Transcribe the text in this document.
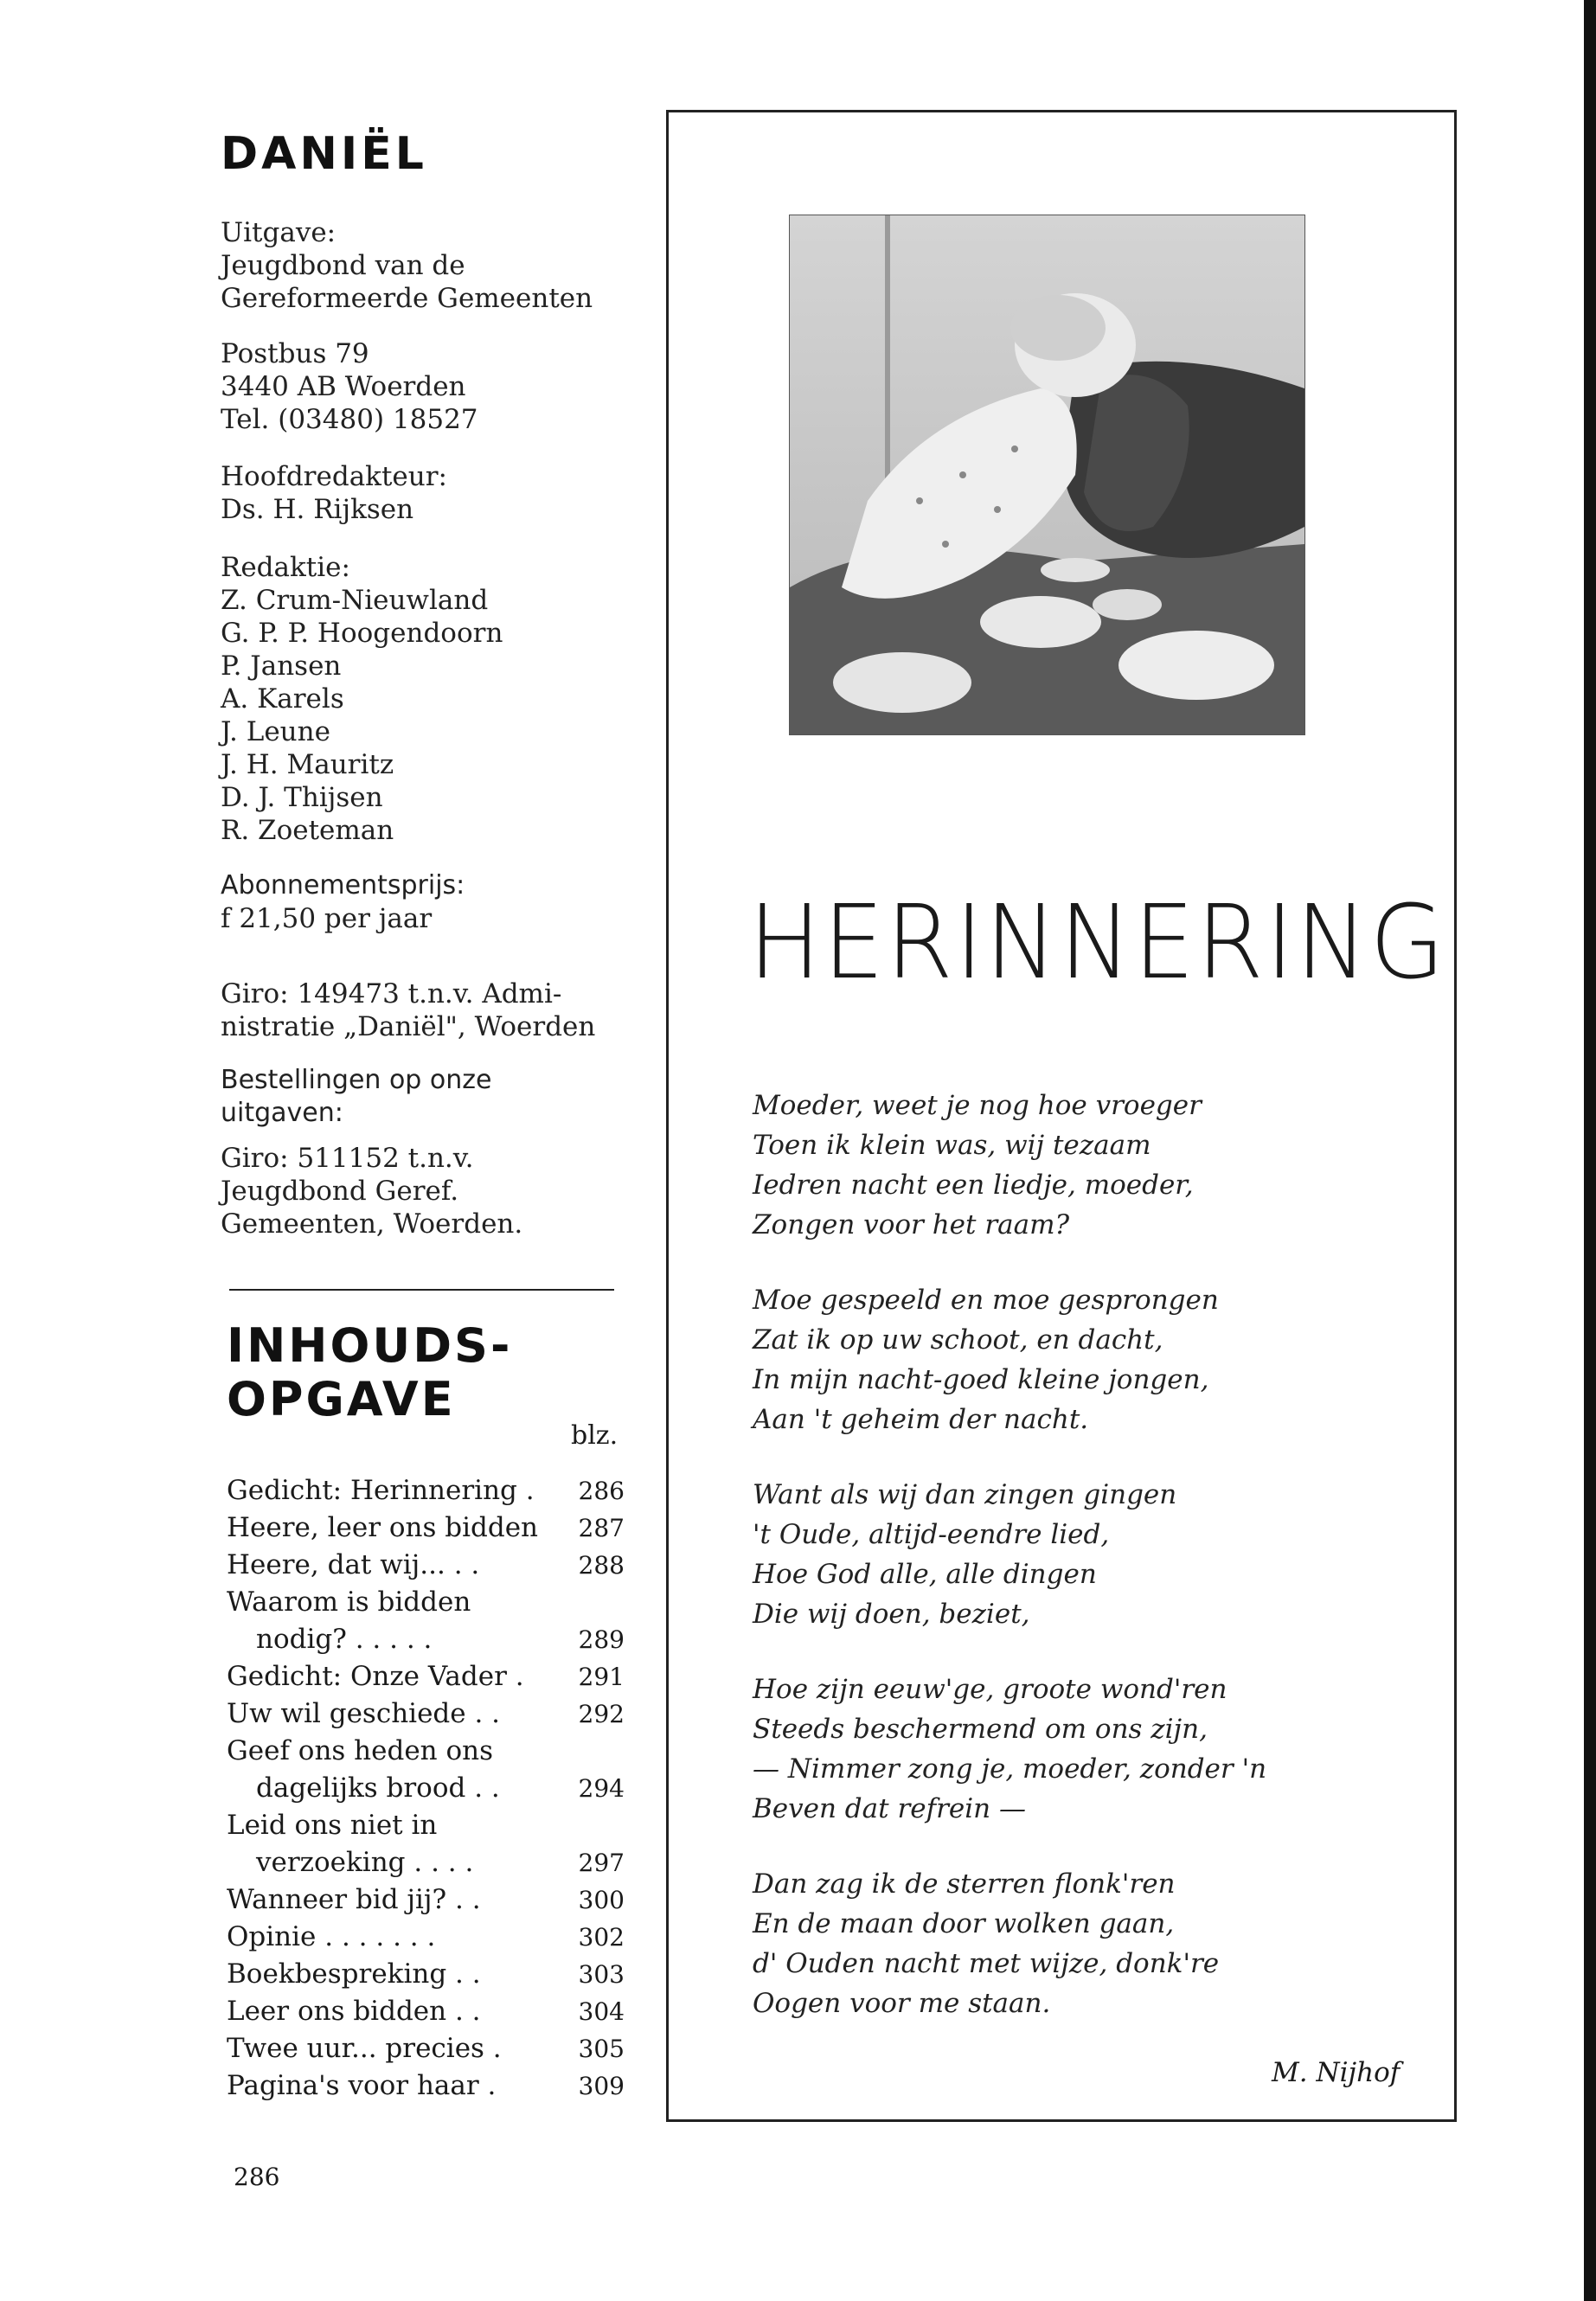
DANIËL

Uitgave:

Jeugdbond van de

Gereformeerde Gemeenten

Postbus 79

3440 AB Woerden

Tel. (03480) 18527

Hoofdredakteur:

Ds. H. Rijksen

Redaktie:

Z. Crum-Nieuwland

G. P. P. Hoogendoorn

P. Jansen

A. Karels

J. Leune

J. H. Mauritz

D. J. Thijsen

R. Zoeteman

Abonnementsprijs:

f 21,50 per jaar

Giro: 149473 t.n.v. Admi-

nistratie „Daniël", Woerden

Bestellingen op onze

uitgaven:

Giro: 511152 t.n.v.

Jeugdbond Geref.

Gemeenten, Woerden.

INHOUDS-
OPGAVE
blz.
Gedicht: Herinnering .	286
Heere, leer ons bidden	287
Heere, dat wij... . .	288
Waarom is bidden
nodig? . . . . .	289
Gedicht: Onze Vader .	291
Uw wil geschiede . .	292
Geef ons heden ons
dagelijks brood . .	294
Leid ons niet in
verzoeking . . . .	297
Wanneer bid jij? . .	300
Opinie . . . . . . .	302
Boekbespreking . .	303
Leer ons bidden . .	304
Twee uur... precies .	305
Pagina's voor haar .	309
286
HERINNERING

Moeder, weet je nog hoe vroeger

Toen ik klein was, wij tezaam

Iedren nacht een liedje, moeder,

Zongen voor het raam?

Moe gespeeld en moe gesprongen

Zat ik op uw schoot, en dacht,

In mijn nacht-goed kleine jongen,

Aan 't geheim der nacht.

Want als wij dan zingen gingen

't Oude, altijd-eendre lied,

Hoe God alle, alle dingen

Die wij doen, beziet,

Hoe zijn eeuw'ge, groote wond'ren

Steeds beschermend om ons zijn,

— Nimmer zong je, moeder, zonder 'n

Beven dat refrein —

Dan zag ik de sterren flonk'ren

En de maan door wolken gaan,

d' Ouden nacht met wijze, donk're

Oogen voor me staan.

M. Nijhof
